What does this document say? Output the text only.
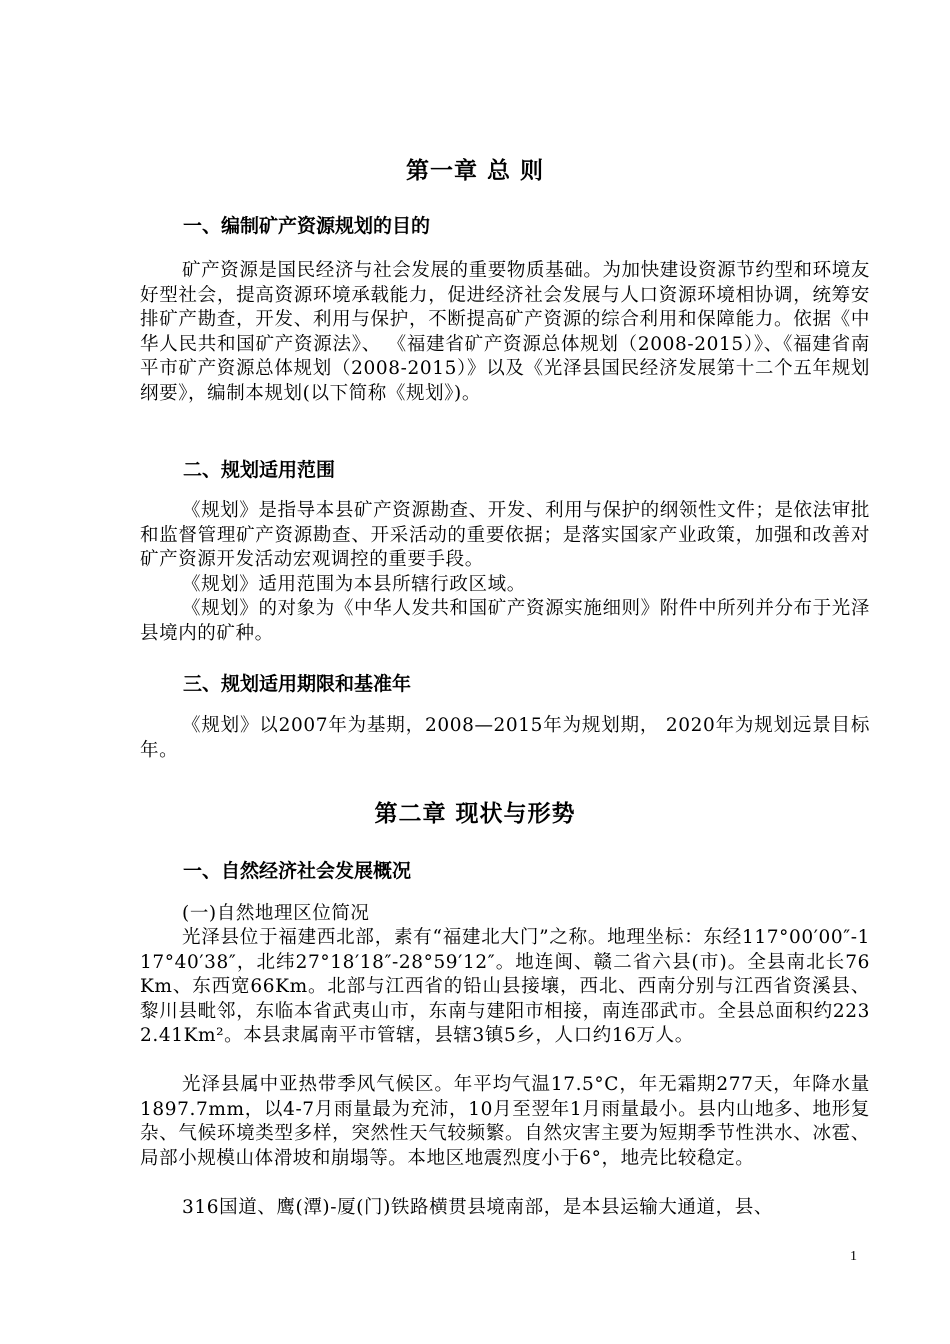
第一章 总 则
一、编制矿产资源规划的目的
矿产资源是国民经济与社会发展的重要物质基础。为加快建设资源节约型和环境友好型社会，提高资源环境承载能力，促进经济社会发展与人口资源环境相协调，统筹安排矿产勘查，开发、利用与保护，不断提高矿产资源的综合利用和保障能力。依据《中华人民共和国矿产资源法》、 《福建省矿产资源总体规划（2008-2015）》、《福建省南平市矿产资源总体规划（2008-2015）》以及《光泽县国民经济发展第十二个五年规划纲要》，编制本规划(以下简称《规划》)。
二、规划适用范围
《规划》是指导本县矿产资源勘查、开发、利用与保护的纲领性文件；是依法审批和监督管理矿产资源勘查、开采活动的重要依据；是落实国家产业政策，加强和改善对矿产资源开发活动宏观调控的重要手段。
《规划》适用范围为本县所辖行政区域。
《规划》的对象为《中华人发共和国矿产资源实施细则》附件中所列并分布于光泽县境内的矿种。
三、规划适用期限和基准年
《规划》以2007年为基期，2008—2015年为规划期， 2020年为规划远景目标年。
第二章 现状与形势
一、自然经济社会发展概况
(一)自然地理区位简况
光泽县位于福建西北部，素有“福建北大门”之称。地理坐标：东经117°00′00″-117°40′38″，北纬27°18′18″-28°59′12″。地连闽、赣二省六县(市)。全县南北长76Km、东西宽66Km。北部与江西省的铅山县接壤，西北、西南分别与江西省资溪县、黎川县毗邻，东临本省武夷山市，东南与建阳市相接，南连邵武市。全县总面积约2232.41Km²。本县隶属南平市管辖，县辖3镇5乡，人口约16万人。
光泽县属中亚热带季风气候区。年平均气温17.5°C，年无霜期277天，年降水量1897.7mm，以4-7月雨量最为充沛，10月至翌年1月雨量最小。县内山地多、地形复杂、气候环境类型多样，突然性天气较频繁。自然灾害主要为短期季节性洪水、冰雹、局部小规模山体滑坡和崩塌等。本地区地震烈度小于6°，地壳比较稳定。
316国道、鹰(潭)-厦(门)铁路横贯县境南部，是本县运输大通道，县、
1
